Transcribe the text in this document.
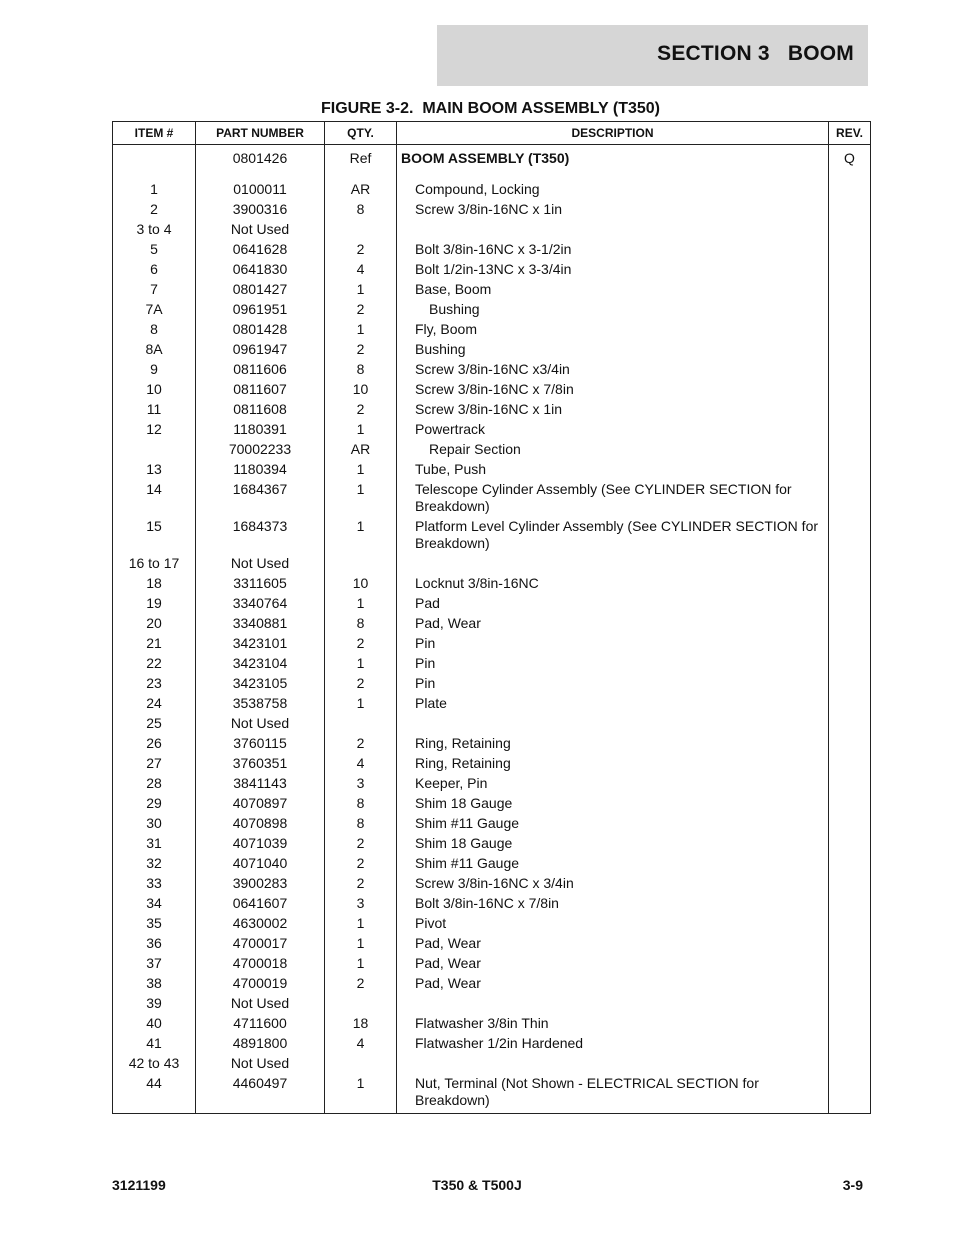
SECTION 3   BOOM
FIGURE 3-2.  MAIN BOOM ASSEMBLY (T350)
ITEM #	PART NUMBER	QTY.	DESCRIPTION	REV.
	0801426	Ref	BOOM ASSEMBLY (T350)	Q
1	0100011	AR	Compound, Locking	
2	3900316	8	Screw 3/8in-16NC x 1in	
3 to 4	Not Used			
5	0641628	2	Bolt 3/8in-16NC x 3-1/2in	
6	0641830	4	Bolt 1/2in-13NC x 3-3/4in	
7	0801427	1	Base, Boom	
7A	0961951	2	Bushing	
8	0801428	1	Fly, Boom	
8A	0961947	2	Bushing	
9	0811606	8	Screw 3/8in-16NC x3/4in	
10	0811607	10	Screw 3/8in-16NC x 7/8in	
11	0811608	2	Screw 3/8in-16NC x 1in	
12	1180391	1	Powertrack	
	70002233	AR	Repair Section	
13	1180394	1	Tube, Push	
14	1684367	1	Telescope Cylinder Assembly (See CYLINDER SECTION for Breakdown)	
15	1684373	1	Platform Level Cylinder Assembly (See CYLINDER SECTION for Breakdown)	
16 to 17	Not Used			
18	3311605	10	Locknut 3/8in-16NC	
19	3340764	1	Pad	
20	3340881	8	Pad, Wear	
21	3423101	2	Pin	
22	3423104	1	Pin	
23	3423105	2	Pin	
24	3538758	1	Plate	
25	Not Used			
26	3760115	2	Ring, Retaining	
27	3760351	4	Ring, Retaining	
28	3841143	3	Keeper, Pin	
29	4070897	8	Shim 18 Gauge	
30	4070898	8	Shim #11 Gauge	
31	4071039	2	Shim 18 Gauge	
32	4071040	2	Shim #11 Gauge	
33	3900283	2	Screw 3/8in-16NC x 3/4in	
34	0641607	3	Bolt 3/8in-16NC x 7/8in	
35	4630002	1	Pivot	
36	4700017	1	Pad, Wear	
37	4700018	1	Pad, Wear	
38	4700019	2	Pad, Wear	
39	Not Used			
40	4711600	18	Flatwasher 3/8in Thin	
41	4891800	4	Flatwasher 1/2in Hardened	
42 to 43	Not Used			
44	4460497	1	Nut, Terminal (Not Shown - ELECTRICAL SECTION for Breakdown)	
3121199	T350 & T500J	3-9
